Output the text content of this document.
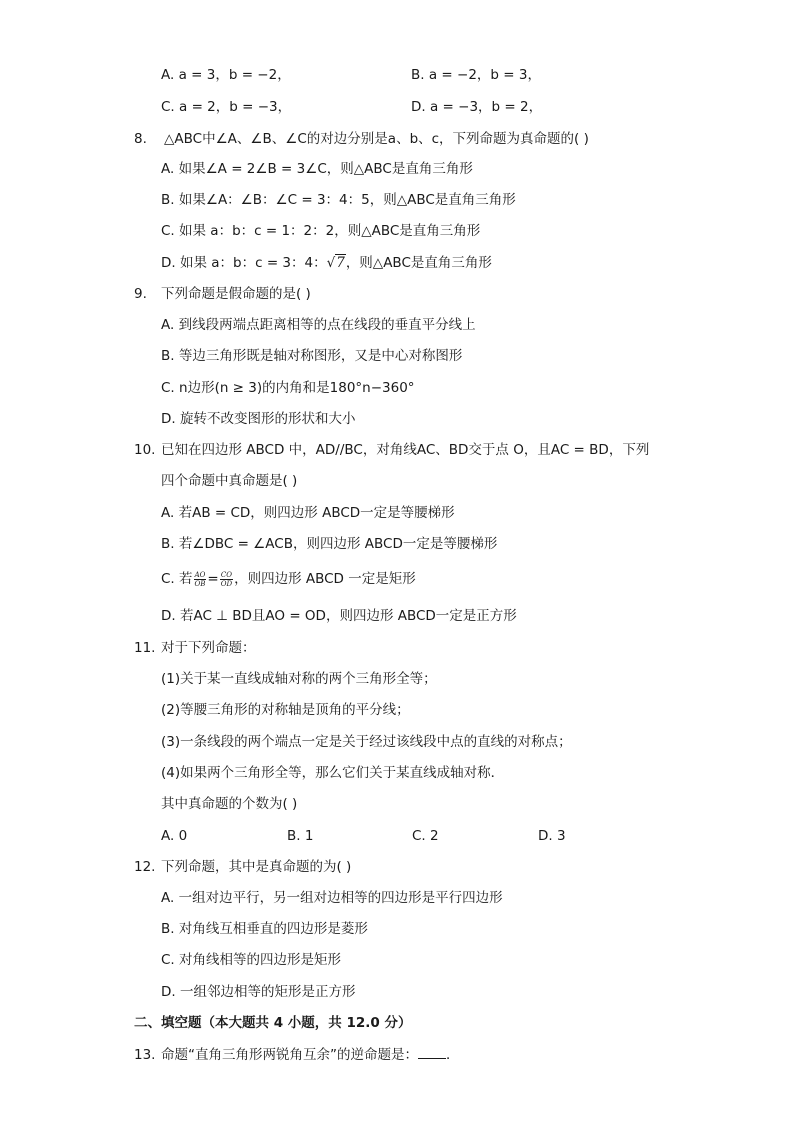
A. a = 3，b = −2，	B. a = −2，b = 3，
C. a = 2，b = −3，	D. a = −3，b = 2，
8.	△ABC中∠A、∠B、∠C的对边分别是a、b、c，下列命题为真命题的( )
A. 如果∠A = 2∠B = 3∠C，则△ABC是直角三角形
B. 如果∠A：∠B：∠C = 3：4：5，则△ABC是直角三角形
C. 如果 a：b：c = 1：2：2，则△ABC是直角三角形
D. 如果 a：b：c = 3：4：√7，则△ABC是直角三角形
9.	下列命题是假命题的是( )
A. 到线段两端点距离相等的点在线段的垂直平分线上
B. 等边三角形既是轴对称图形，又是中心对称图形
C. n边形(n ≥ 3)的内角和是180°n−360°
D. 旋转不改变图形的形状和大小
10. 已知在四边形 ABCD 中，AD//BC，对角线AC、BD交于点 O，且AC = BD，下列
四个命题中真命题是( )
A. 若AB = CD，则四边形 ABCD一定是等腰梯形
B. 若∠DBC = ∠ACB，则四边形 ABCD一定是等腰梯形
C. 若 $\frac{AO}{OB} = \frac{CO}{OD}$ ，则四边形 ABCD 一定是矩形
D. 若AC ⊥ BD且AO = OD，则四边形 ABCD一定是正方形
11. 对于下列命题：
(1)关于某一直线成轴对称的两个三角形全等；
(2)等腰三角形的对称轴是顶角的平分线；
(3)一条线段的两个端点一定是关于经过该线段中点的直线的对称点；
(4)如果两个三角形全等，那么它们关于某直线成轴对称．
其中真命题的个数为( )
A. 0	B. 1	C. 2	D. 3
12. 下列命题，其中是真命题的为( )
A. 一组对边平行，另一组对边相等的四边形是平行四边形
B. 对角线互相垂直的四边形是菱形
C. 对角线相等的四边形是矩形
D. 一组邻边相等的矩形是正方形
二、填空题（本大题共 4 小题，共 12.0 分）
13. 命题“直角三角形两锐角互余”的逆命题是： ．
